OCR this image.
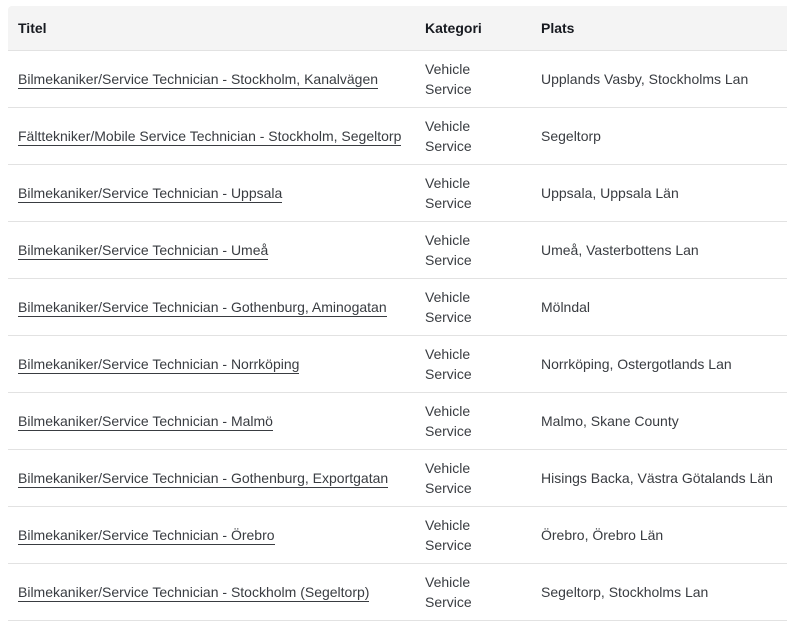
Titel	Kategori	Plats
Bilmekaniker/Service Technician - Stockholm, Kanalvägen	Vehicle Service	Upplands Vasby, Stockholms Lan

Fälttekniker/Mobile Service Technician - Stockholm, Segeltorp	Vehicle Service	Segeltorp

Bilmekaniker/Service Technician - Uppsala	Vehicle Service	Uppsala, Uppsala Län

Bilmekaniker/Service Technician - Umeå	Vehicle Service	Umeå, Vasterbottens Lan

Bilmekaniker/Service Technician - Gothenburg, Aminogatan	Vehicle Service	Mölndal

Bilmekaniker/Service Technician - Norrköping	Vehicle Service	Norrköping, Ostergotlands Lan

Bilmekaniker/Service Technician - Malmö	Vehicle Service	Malmo, Skane County

Bilmekaniker/Service Technician - Gothenburg, Exportgatan	Vehicle Service	Hisings Backa, Västra Götalands Län

Bilmekaniker/Service Technician - Örebro	Vehicle Service	Örebro, Örebro Län

Bilmekaniker/Service Technician - Stockholm (Segeltorp)	Vehicle Service	Segeltorp, Stockholms Lan
